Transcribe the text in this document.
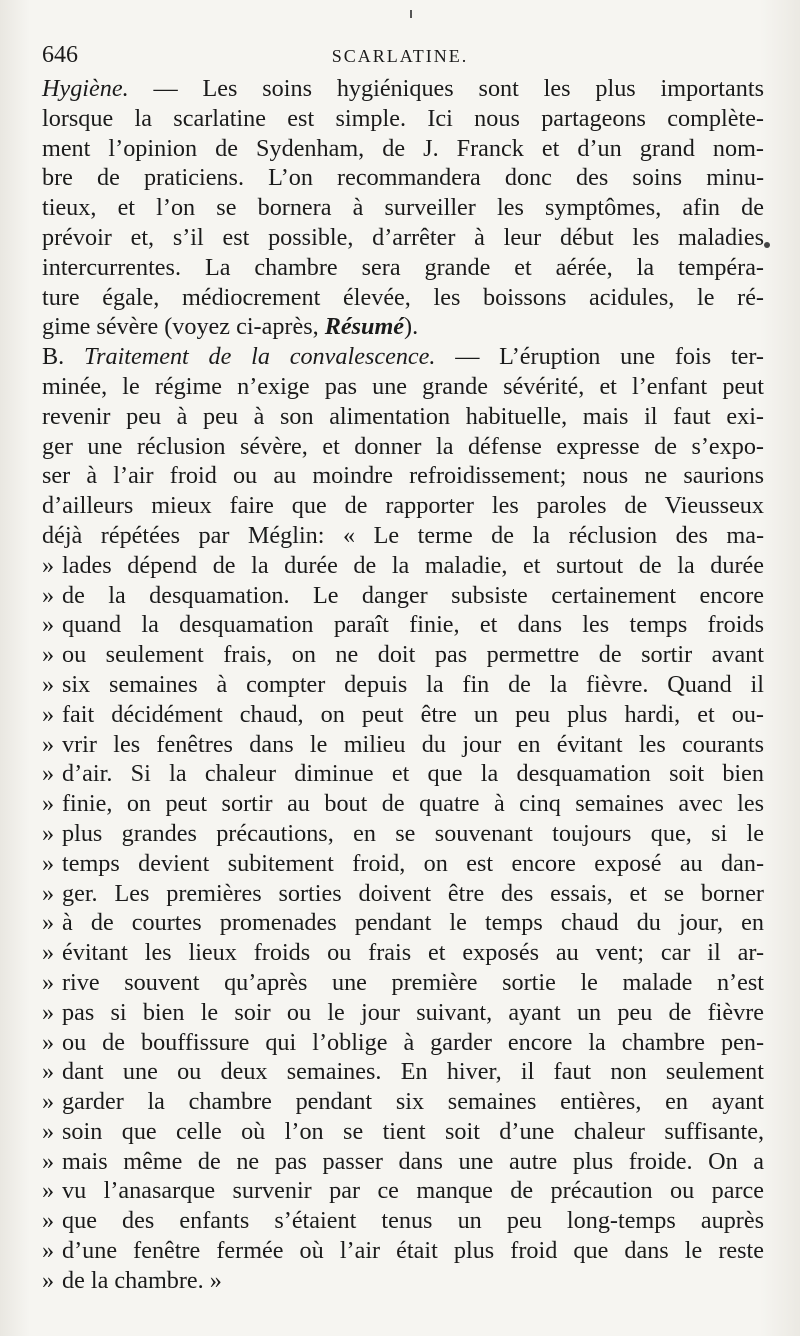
646	SCARLATINE.
Hygiène. — Les soins hygiéniques sont les plus importants
lorsque la scarlatine est simple. Ici nous partageons complète-
ment l’opinion de Sydenham, de J. Franck et d’un grand nom-
bre de praticiens. L’on recommandera donc des soins minu-
tieux, et l’on se bornera à surveiller les symptômes, afin de
prévoir et, s’il est possible, d’arrêter à leur début les maladies
intercurrentes. La chambre sera grande et aérée, la tempéra-
ture égale, médiocrement élevée, les boissons acidules, le ré-
gime sévère (voyez ci-après, Résumé).
B. Traitement de la convalescence. — L’éruption une fois ter-
minée, le régime n’exige pas une grande sévérité, et l’enfant peut
revenir peu à peu à son alimentation habituelle, mais il faut exi-
ger une réclusion sévère, et donner la défense expresse de s’expo-
ser à l’air froid ou au moindre refroidissement; nous ne saurions
d’ailleurs mieux faire que de rapporter les paroles de Vieusseux
déjà répétées par Méglin: « Le terme de la réclusion des ma-
» lades dépend de la durée de la maladie, et surtout de la durée
» de la desquamation. Le danger subsiste certainement encore
» quand la desquamation paraît finie, et dans les temps froids
» ou seulement frais, on ne doit pas permettre de sortir avant
» six semaines à compter depuis la fin de la fièvre. Quand il
» fait décidément chaud, on peut être un peu plus hardi, et ou-
» vrir les fenêtres dans le milieu du jour en évitant les courants
» d’air. Si la chaleur diminue et que la desquamation soit bien
» finie, on peut sortir au bout de quatre à cinq semaines avec les
» plus grandes précautions, en se souvenant toujours que, si le
» temps devient subitement froid, on est encore exposé au dan-
» ger. Les premières sorties doivent être des essais, et se borner
» à de courtes promenades pendant le temps chaud du jour, en
» évitant les lieux froids ou frais et exposés au vent; car il ar-
» rive souvent qu’après une première sortie le malade n’est
» pas si bien le soir ou le jour suivant, ayant un peu de fièvre
» ou de bouffissure qui l’oblige à garder encore la chambre pen-
» dant une ou deux semaines. En hiver, il faut non seulement
» garder la chambre pendant six semaines entières, en ayant
» soin que celle où l’on se tient soit d’une chaleur suffisante,
» mais même de ne pas passer dans une autre plus froide. On a
» vu l’anasarque survenir par ce manque de précaution ou parce
» que des enfants s’étaient tenus un peu long-temps auprès
» d’une fenêtre fermée où l’air était plus froid que dans le reste
» de la chambre. »
